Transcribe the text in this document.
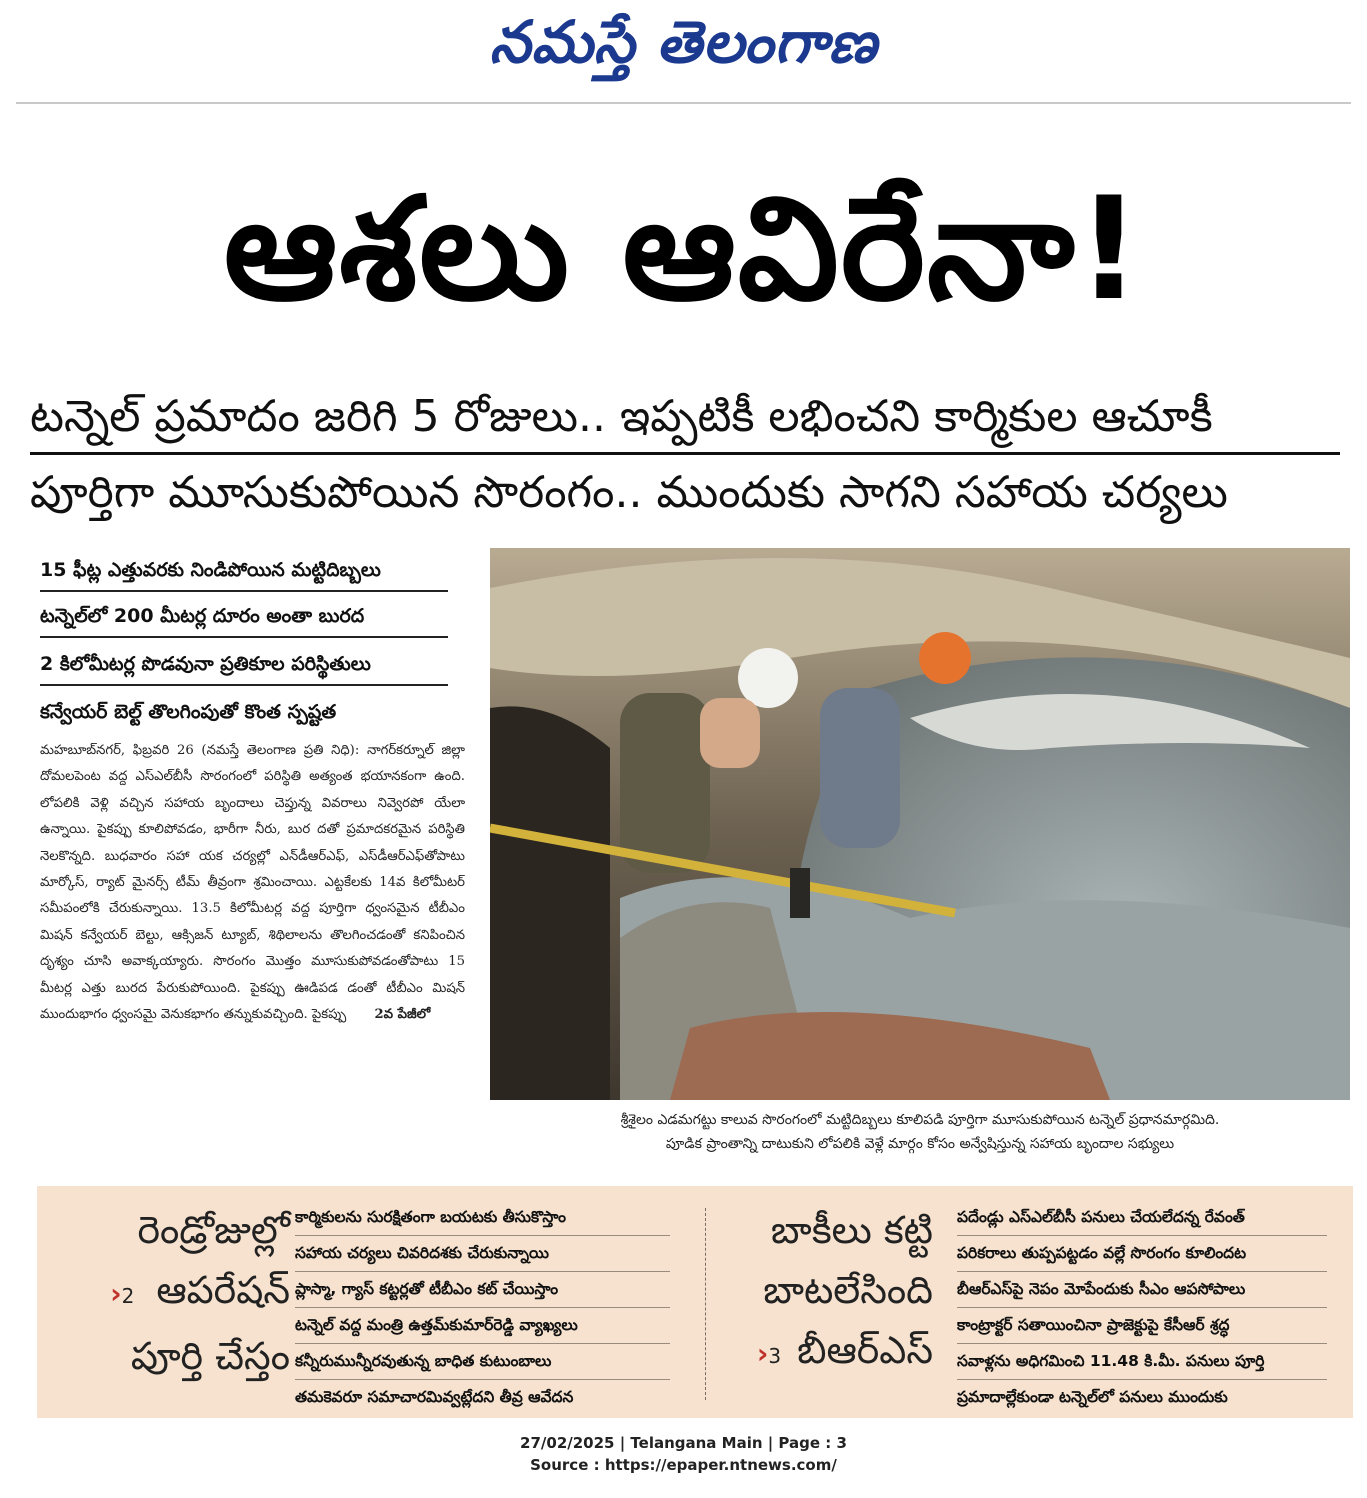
నమస్తే తెలంగాణ
ఆశలు ఆవిరేనా!
టన్నెల్ ప్రమాదం జరిగి 5 రోజులు.. ఇప్పటికీ లభించని కార్మికుల ఆచూకీ
పూర్తిగా మూసుకుపోయిన సొరంగం.. ముందుకు సాగని సహాయ చర్యలు
15 ఫీట్ల ఎత్తువరకు నిండిపోయిన మట్టిదిబ్బలు
టన్నెల్‌లో 200 మీటర్ల దూరం అంతా బురద
2 కిలోమీటర్ల పొడవునా ప్రతికూల పరిస్థితులు
కన్వేయర్ బెల్ట్ తొలగింపుతో కొంత స్పష్టత
మహబూబ్‌నగర్, ఫిబ్రవరి 26 (నమస్తే తెలంగాణ ప్రతి నిధి): నాగర్‌కర్నూల్ జిల్లా దోమలపెంట వద్ద ఎస్‌ఎల్‌బీసీ సొరంగంలో పరిస్థితి అత్యంత భయానకంగా ఉంది. లోపలికి వెళ్లి వచ్చిన సహాయ బృందాలు చెప్తున్న వివరాలు నివ్వెరపో యేలా ఉన్నాయి. పైకప్పు కూలిపోవడం, భారీగా నీరు, బుర దతో ప్రమాదకరమైన పరిస్థితి నెలకొన్నది. బుధవారం సహా యక చర్యల్లో ఎన్‌డీఆర్‌ఎఫ్, ఎస్‌డీఆర్‌ఎఫ్‌తోపాటు మార్కోస్, ర్యాట్ మైనర్స్ టీమ్ తీవ్రంగా శ్రమించాయి. ఎట్టకేలకు 14వ కిలోమీటర్ సమీపంలోకి చేరుకున్నాయి. 13.5 కిలోమీటర్ల వద్ద పూర్తిగా ధ్వంసమైన టీబీఎం మిషన్ కన్వేయర్ బెల్టు, ఆక్సిజన్ ట్యూబ్, శిథిలాలను తొలగించడంతో కనిపించిన దృశ్యం చూసి అవాక్కయ్యారు. సొరంగం మొత్తం మూసుకుపోవడంతోపాటు 15 మీటర్ల ఎత్తు బురద పేరుకుపోయింది. పైకప్పు ఊడిపడ డంతో టీబీఎం మిషన్ ముందుభాగం ధ్వంసమై వెనుకభాగం తన్నుకువచ్చింది. పైకప్పు 2వ పేజీలో
శ్రీశైలం ఎడమగట్టు కాలువ సొరంగంలో మట్టిదిబ్బలు కూలిపడి పూర్తిగా మూసుకుపోయిన టన్నెల్ ప్రధానమార్గమిది.
పూడిక ప్రాంతాన్ని దాటుకుని లోపలికి వెళ్లే మార్గం కోసం అన్వేషిస్తున్న సహాయ బృందాల సభ్యులు
రెండ్రోజుల్లో
›2 ఆపరేషన్
పూర్తి చేస్తం
కార్మికులను సురక్షితంగా బయటకు తీసుకొస్తాం
సహాయ చర్యలు చివరిదశకు చేరుకున్నాయి
ప్లాస్మా, గ్యాస్ కట్టర్లతో టీబీఎం కట్ చేయిస్తాం
టన్నెల్ వద్ద మంత్రి ఉత్తమ్‌కుమార్‌రెడ్డి వ్యాఖ్యలు
కన్నీరుమున్నీరవుతున్న బాధిత కుటుంబాలు
తమకెవరూ సమాచారమివ్వట్లేదని తీవ్ర ఆవేదన
బాకీలు కట్టి
బాటలేసింది
›3 బీఆర్‌ఎస్
పదేండ్లు ఎస్‌ఎల్‌బీసీ పనులు చేయలేదన్న రేవంత్
పరికరాలు తుప్పపట్టడం వల్లే సొరంగం కూలిందట
బీఆర్‌ఎస్‌పై నెపం మోపేందుకు సీఎం ఆపసోపాలు
కాంట్రాక్టర్ సతాయించినా ప్రాజెక్టుపై కేసీఆర్ శ్రద్ధ
సవాళ్లను అధిగమించి 11.48 కి.మీ. పనులు పూర్తి
ప్రమాదాల్లేకుండా టన్నెల్‌లో పనులు ముందుకు
27/02/2025 | Telangana Main | Page : 3
Source : https://epaper.ntnews.com/
